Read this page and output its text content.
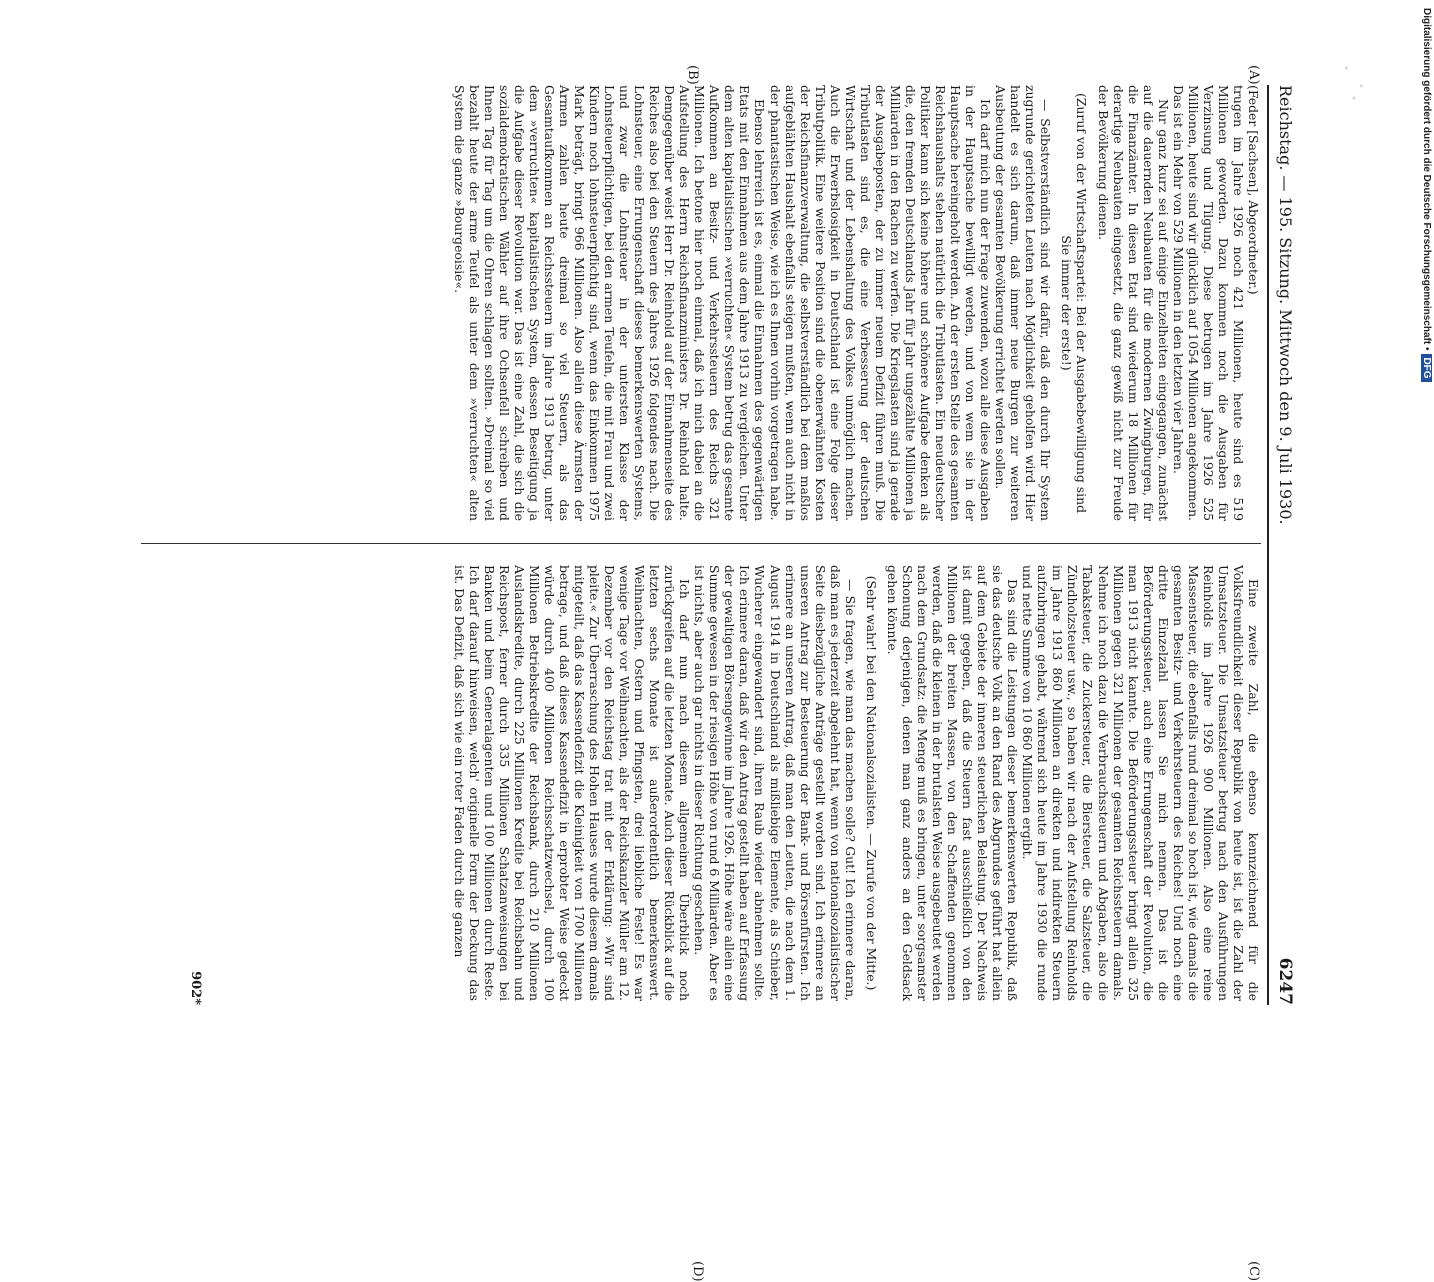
Reichstag. — 195. Sitzung. Mittwoch den 9. Juli 1930.
6247
(A)
(B)
(C)
(D)

(Feder [Sachsen], Abgeordneter.)

trugen im Jahre 1926 noch 421 Millionen, heute sind es 519 Millionen geworden. Dazu kommen noch die Ausgaben für Verzinsung und Tilgung. Diese betrugen im Jahre 1926 525 Millionen, heute sind wir glücklich auf 1054 Millionen angekommen. Das ist ein Mehr von 529 Millionen in den letzten vier Jahren.

Nur ganz kurz sei auf einige Einzelheiten eingegangen, zunächst auf die dauernden Neubauten für die modernen Zwingburgen, für die Finanzämter. In diesen Etat sind wiederum 18 Millionen für derartige Neubauten eingesetzt, die ganz gewiß nicht zur Freude der Bevölkerung dienen.

(Zuruf von der Wirtschaftspartei: Bei der Ausgabebewilligung sind Sie immer der erste!)

— Selbstverständlich sind wir dafür, daß den durch Ihr System zugrunde gerichteten Leuten nach Möglichkeit geholfen wird. Hier handelt es sich darum, daß immer neue Burgen zur weiteren Ausbeutung der gesamten Bevölkerung errichtet werden sollen.

Ich darf mich nun der Frage zuwenden, wozu alle diese Ausgaben in der Hauptsache bewilligt werden, und von wem sie in der Hauptsache hereingeholt werden. An der ersten Stelle des gesamten Reichshaushalts stehen natürlich die Tributlasten. Ein neudeutscher Politiker kann sich keine höhere und schönere Aufgabe denken als die, den fremden Deutschlands Jahr für Jahr ungezählte Millionen ja Milliarden in den Rachen zu werfen. Die Kriegslasten sind ja gerade der Ausgabeposten, der zu immer neuem Defizit führen muß. Die Tributlasten sind es, die eine Verbesserung der deutschen Wirtschaft und der Lebenshaltung des Volkes unmöglich machen. Auch die Erwerbslosigkeit in Deutschland ist eine Folge dieser Tributpolitik. Eine weitere Position sind die obenerwähnten Kosten der Reichsfinanzverwaltung, die selbstverständlich bei dem maßlos aufgeblähten Haushalt ebenfalls steigen mußten, wenn auch nicht in der phantastischen Weise, wie ich es Ihnen vorhin vorgetragen habe.

Ebenso lehrreich ist es, einmal die Einnahmen des gegenwärtigen Etats mit den Einnahmen aus dem Jahre 1913 zu vergleichen. Unter dem alten kapitalistischen »verruchten« System betrug das gesamte Aufkommen an Besitz- und Verkehrssteuern des Reichs 321 Millionen. Ich betone hier noch einmal, daß ich mich dabei an die Aufstellung des Herrn Reichsfinanzministers Dr. Reinhold halte. Demgegenüber weist Herr Dr. Reinhold auf der Einnahmenseite des Reiches also bei den Steuern des Jahres 1926 folgendes nach. Die Lohnsteuer, eine Errungenschaft dieses bemerkenswerten Systems, und zwar die Lohnsteuer in der untersten Klasse der Lohnsteuerpflichtigen, bei den armen Teufeln, die mit Frau und zwei Kindern noch lohnsteuerpflichtig sind, wenn das Einkommen 1975 Mark beträgt, bringt 966 Millionen. Also allein diese Ärmsten der Armen zahlen heute dreimal so viel Steuern, als das Gesamtaufkommen an Reichssteuern im Jahre 1913 betrug, unter dem »verruchten« kapitalistischen System, dessen Beseitigung ja die Aufgabe dieser Revolution war. Das ist eine Zahl, die sich die sozialdemokratischen Wähler auf ihre Ochsenfell schreiben und Ihnen Tag für Tag um die Ohren schlagen sollten. »Dreimal so viel bezahlt heute der arme Teufel als unter dem »verruchten« alten System die ganze »Bourgeoisie«.

Eine zweite Zahl, die ebenso kennzeichnend für die Volksfreundlichkeit dieser Republik von heute ist, ist die Zahl der Umsatzsteuer. Die Umsatzsteuer betrug nach den Ausführungen Reinholds im Jahre 1926 900 Millionen. Also eine reine Massensteuer, die ebenfalls rund dreimal so hoch ist, wie damals die gesamten Besitz- und Verkehrsteuern des Reiches! Und noch eine dritte Einzelzahl lassen Sie mich nennen. Das ist die Beförderungssteuer, auch eine Errungenschaft der Revolution, die man 1913 nicht kannte. Die Beförderungssteuer bringt allein 325 Millionen gegen 321 Millionen der gesamten Reichssteuern damals. Nehme ich noch dazu die Verbrauchssteuern und Abgaben, also die Tabaksteuer, die Zuckersteuer, die Biersteuer, die Salzsteuer, die Zündholzsteuer usw., so haben wir nach der Aufstellung Reinholds im Jahre 1913 860 Millionen an direkten und indirekten Steuern aufzubringen gehabt, während sich heute im Jahre 1930 die runde und nette Summe von 10 860 Millionen ergibt.

Das sind die Leistungen dieser bemerkenswerten Republik, daß sie das deutsche Volk an den Rand des Abgrundes geführt hat allein auf dem Gebiete der inneren steuerlichen Belastung. Der Nachweis ist damit gegeben, daß die Steuern fast ausschließlich von den Millionen der breiten Massen, von den Schaffenden genommen werden, daß die kleinen in der brutalsten Weise ausgebeutet werden nach dem Grundsatz: die Menge muß es bringen, unter sorgsamster Schonung derjenigen, denen man ganz anders an den Geldsack gehen könnte.

(Sehr wahr! bei den Nationalsozialisten. — Zurufe von der Mitte.)

— Sie fragen, wie man das machen solle? Gut! Ich erinnere daran, daß man es jederzeit abgelehnt hat, wenn von nationalsozialistischer Seite diesbezügliche Anträge gestellt worden sind. Ich erinnere an unseren Antrag zur Besteuerung der Bank- und Börsenfürsten. Ich erinnere an unseren Antrag, daß man den Leuten, die nach dem 1. August 1914 in Deutschland als mißliebige Elemente, als Schieber, Wucherer eingewandert sind, ihren Raub wieder abnehmen sollte. Ich erinnere daran, daß wir den Antrag gestellt haben auf Erfassung der gewaltigen Börsengewinne im Jahre 1926. Höhe wäre allein eine Summe gewesen in der riesigen Höhe von rund 6 Milliarden. Aber es ist nichts, aber auch gar nichts in dieser Richtung geschehen.

Ich darf nun nach diesem allgemeinen Überblick noch zurückgreifen auf die letzten Monate. Auch dieser Rückblick auf die letzten sechs Monate ist außerordentlich bemerkenswert. Weihnachten, Ostern und Pfingsten, drei liebliche Feste! Es war wenige Tage vor Weihnachten, als der Reichskanzler Müller am 12. Dezember vor den Reichstag trat mit der Erklärung: »Wir sind pleite.« Zur Überraschung des Hohen Hauses wurde diesem damals mitgeteilt, daß das Kassendefizit die Kleinigkeit von 1700 Millionen betrage, und daß dieses Kassendefizit in erprobter Weise gedeckt würde durch 400 Millionen Reichsschatzwechsel, durch 100 Millionen Betriebskredite der Reichsbank, durch 210 Millionen Auslandskredite, durch 225 Millionen Kredite bei Reichsbahn und Reichspost, ferner durch 335 Millionen Schatzanweisungen bei Banken und beim Generalagenten und 100 Millionen durch Reste. Ich darf darauf hinweisen, welch' originelle Form der Deckung das ist. Das Defizit, daß sich wie ein roter Faden durch die ganzen

902*
Digitalisierung gefördert durch die Deutsche Forschungsgemeinschaft •DFG
